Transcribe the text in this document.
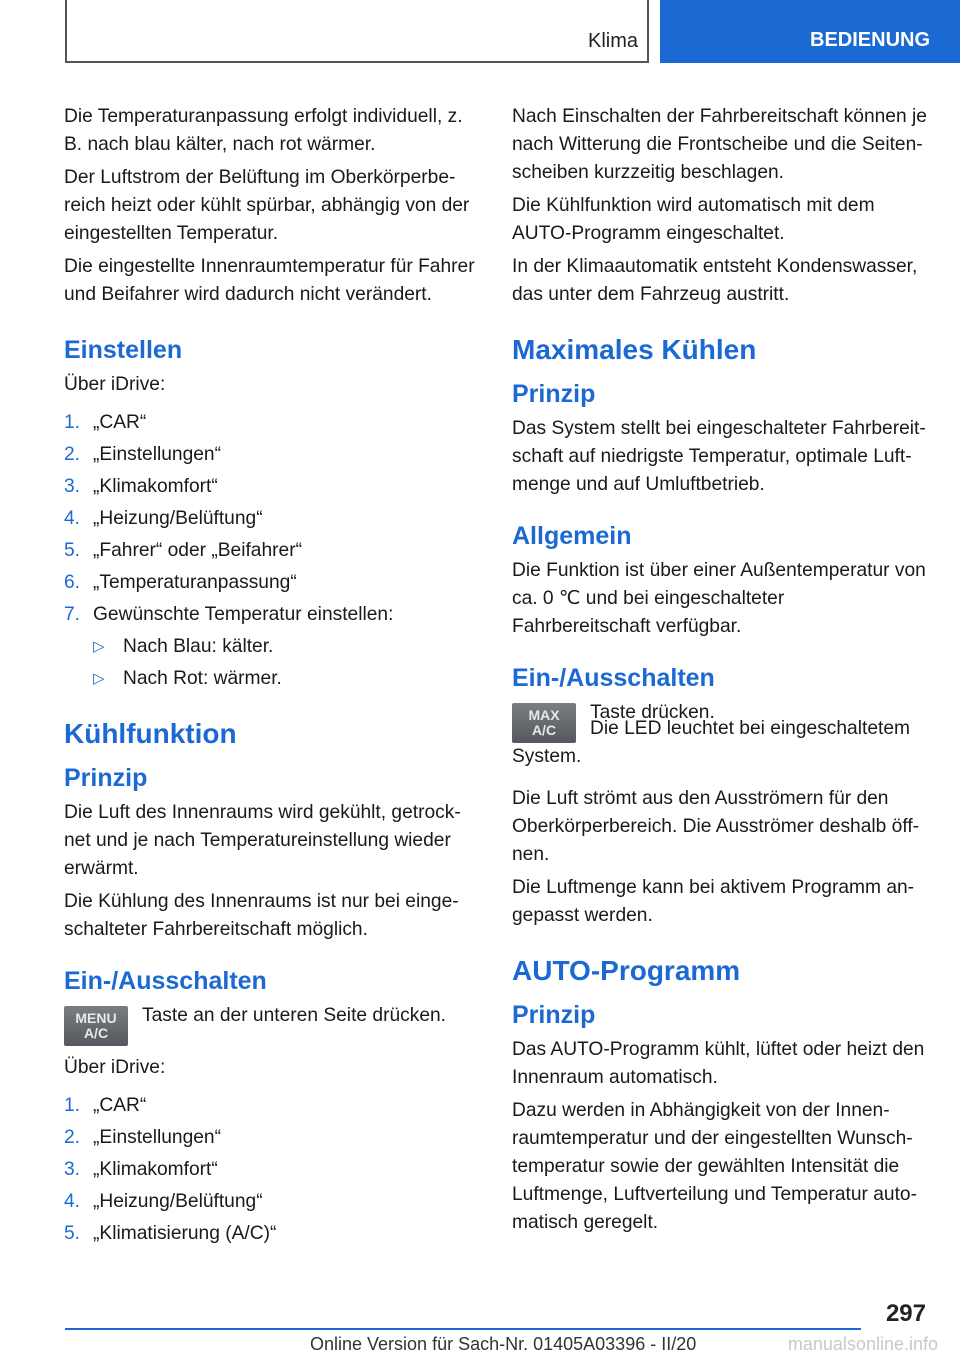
Klima	BEDIENUNG

Die Temperaturanpassung erfolgt individuell, z. B. nach blau kälter, nach rot wärmer.

Der Luftstrom der Belüftung im Oberkörperbereich heizt oder kühlt spürbar, abhängig von der eingestellten Temperatur.

Die eingestellte Innenraumtemperatur für Fahrer und Beifahrer wird dadurch nicht verändert.

Einstellen

Über iDrive:

1. „CAR“
2. „Einstellungen“
3. „Klimakomfort“
4. „Heizung/Belüftung“
5. „Fahrer“ oder „Beifahrer“
6. „Temperaturanpassung“
7. Gewünschte Temperatur einstellen:
▷ Nach Blau: kälter.
▷ Nach Rot: wärmer.
Kühlfunktion
Prinzip

Die Luft des Innenraums wird gekühlt, getrocknet und je nach Temperatureinstellung wieder erwärmt.

Die Kühlung des Innenraums ist nur bei eingeschalteter Fahrbereitschaft möglich.

Ein-/Ausschalten
MENU
A/C

Taste an der unteren Seite drücken.

Über iDrive:

1. „CAR“
2. „Einstellungen“
3. „Klimakomfort“
4. „Heizung/Belüftung“
5. „Klimatisierung (A/C)“

Nach Einschalten der Fahrbereitschaft können je nach Witterung die Frontscheibe und die Seitenscheiben kurzzeitig beschlagen.

Die Kühlfunktion wird automatisch mit dem AUTO-Programm eingeschaltet.

In der Klimaautomatik entsteht Kondenswasser, das unter dem Fahrzeug austritt.

Maximales Kühlen
Prinzip

Das System stellt bei eingeschalteter Fahrbereitschaft auf niedrigste Temperatur, optimale Luftmenge und auf Umluftbetrieb.

Allgemein

Die Funktion ist über einer Außentemperatur von ca. 0 ℃ und bei eingeschalteter Fahrbereitschaft verfügbar.

Ein-/Ausschalten
MAX
A/C

Taste drücken.

Die LED leuchtet bei eingeschaltetem System.

Die Luft strömt aus den Ausströmern für den Oberkörperbereich. Die Ausströmer deshalb öffnen.

Die Luftmenge kann bei aktivem Programm angepasst werden.

AUTO-Programm
Prinzip

Das AUTO-Programm kühlt, lüftet oder heizt den Innenraum automatisch.

Dazu werden in Abhängigkeit von der Innenraumtemperatur und der eingestellten Wunschtemperatur sowie der gewählten Intensität die Luftmenge, Luftverteilung und Temperatur automatisch geregelt.

297
Online Version für Sach-Nr. 01405A03396 - II/20	manualsonline.info
